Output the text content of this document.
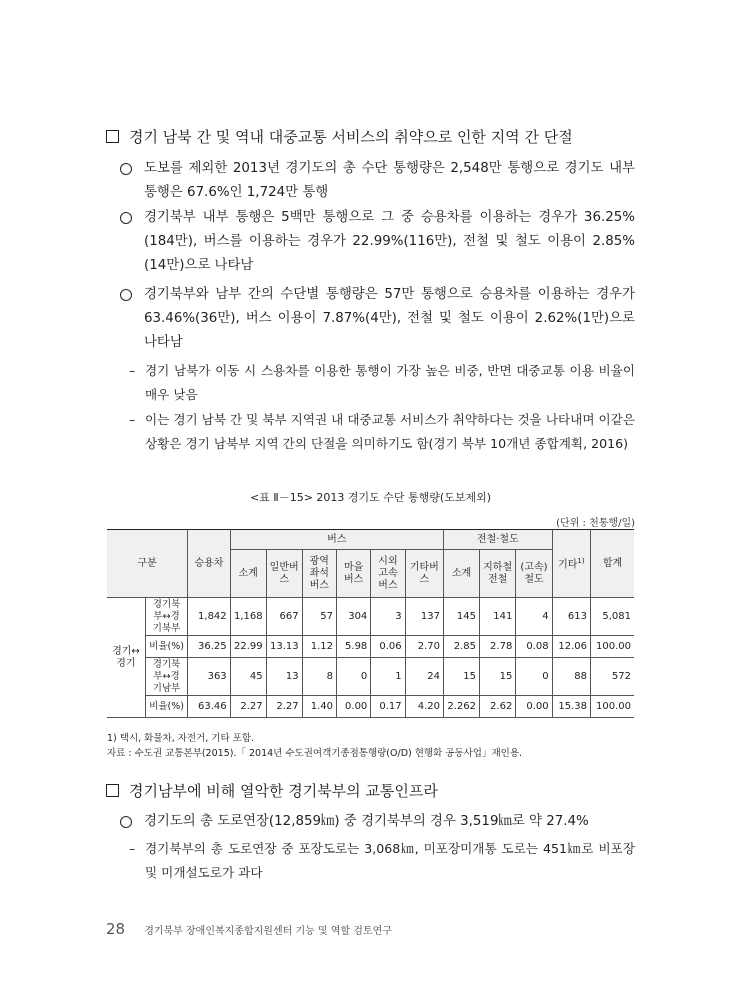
경기 남북 간 및 역내 대중교통 서비스의 취약으로 인한 지역 간 단절
도보를 제외한 2013년 경기도의 총 수단 통행량은 2,548만 통행으로 경기도 내부 통행은 67.6%인 1,724만 통행
경기북부 내부 통행은 5백만 통행으로 그 중 승용차를 이용하는 경우가 36.25%(184만), 버스를 이용하는 경우가 22.99%(116만), 전철 및 철도 이용이 2.85%(14만)으로 나타남
경기북부와 남부 간의 수단별 통행량은 57만 통행으로 승용차를 이용하는 경우가 63.46%(36만), 버스 이용이 7.87%(4만), 전철 및 철도 이용이 2.62%(1만)으로 나타남
– 경기 남북가 이동 시 스용차를 이용한 통행이 가장 높은 비중, 반면 대중교통 이용 비율이 매우 낮음
– 이는 경기 남북 간 및 북부 지역권 내 대중교통 서비스가 취약하다는 것을 나타내며 이같은 상황은 경기 남북부 지역 간의 단절을 의미하기도 함(경기 북부 10개년 종합계획, 2016)
<표 Ⅱ－15> 2013 경기도 수단 통행량(도보제외)
(단위 : 천통행/일)
구분		승용차	버스						전철·철도			기타$^{1)}$	합계
			소계	일반버스	광역좌석버스	마을버스	시외고속버스	기타버스	소계	지하철전철	(고속)철도		
경기↔경기	경기북부↔경기북부	1,842	1,168	667	57	304	3	137	145	141	4	613	5,081
	비율(%)	36.25	22.99	13.13	1.12	5.98	0.06	2.70	2.85	2.78	0.08	12.06	100.00
	경기북부↔경기남부	363	45	13	8	0	1	24	15	15	0	88	572
	비율(%)	63.46	2.27	2.27	1.40	0.00	0.17	4.20	2.262	2.62	0.00	15.38	100.00
1) 택시, 화물차, 자전거, 기타 포함.
자료 : 수도권 교통본부(2015).「 2014년 수도권여객기종점통행량(O/D) 현행화 공동사업」재인용.
경기남부에 비해 열악한 경기북부의 교통인프라
경기도의 총 도로연장(12,859㎞) 중 경기북부의 경우 3,519㎞로 약 27.4%
– 경기북부의 총 도로연장 중 포장도로는 3,068㎞, 미포장미개통 도로는 451㎞로 비포장 및 미개설도로가 과다
28 경기북부 장애인복지종합지원센터 기능 및 역할 검토연구
